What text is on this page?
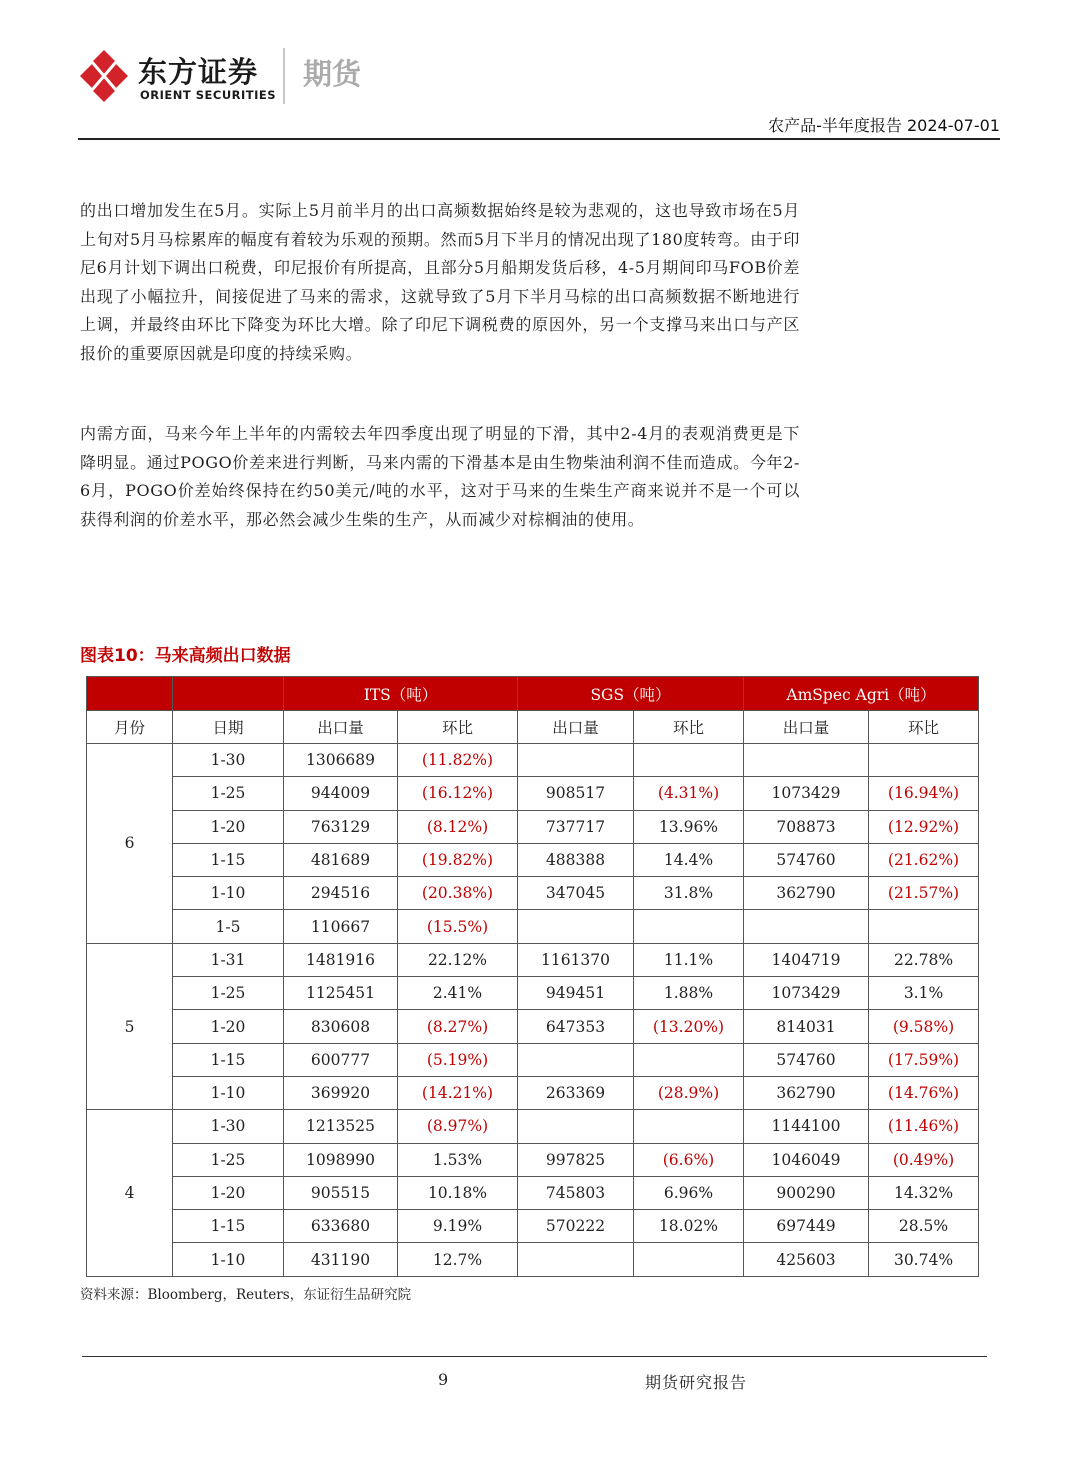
东方证券
ORIENT SECURITIES
期货
农产品-半年度报告 2024-07-01
的出口增加发生在5月。实际上5月前半月的出口高频数据始终是较为悲观的，这也导致市场在5月上旬对5月马棕累库的幅度有着较为乐观的预期。然而5月下半月的情况出现了180度转弯。由于印尼6月计划下调出口税费，印尼报价有所提高，且部分5月船期发货后移，4-5月期间印马FOB价差出现了小幅拉升，间接促进了马来的需求，这就导致了5月下半月马棕的出口高频数据不断地进行上调，并最终由环比下降变为环比大增。除了印尼下调税费的原因外，另一个支撑马来出口与产区报价的重要原因就是印度的持续采购。
内需方面，马来今年上半年的内需较去年四季度出现了明显的下滑，其中2-4月的表观消费更是下降明显。通过POGO价差来进行判断，马来内需的下滑基本是由生物柴油利润不佳而造成。今年2-6月，POGO价差始终保持在约50美元/吨的水平，这对于马来的生柴生产商来说并不是一个可以获得利润的价差水平，那必然会减少生柴的生产，从而减少对棕榈油的使用。
图表10：马来高频出口数据
		ITS（吨）		SGS（吨）		AmSpec Agri（吨）	
月份	日期	出口量	环比	出口量	环比	出口量	环比
6	1-30	1306689	(11.82%)				
	1-25	944009	(16.12%)	908517	(4.31%)	1073429	(16.94%)
	1-20	763129	(8.12%)	737717	13.96%	708873	(12.92%)
	1-15	481689	(19.82%)	488388	14.4%	574760	(21.62%)
	1-10	294516	(20.38%)	347045	31.8%	362790	(21.57%)
	1-5	110667	(15.5%)				
5	1-31	1481916	22.12%	1161370	11.1%	1404719	22.78%
	1-25	1125451	2.41%	949451	1.88%	1073429	3.1%
	1-20	830608	(8.27%)	647353	(13.20%)	814031	(9.58%)
	1-15	600777	(5.19%)			574760	(17.59%)
	1-10	369920	(14.21%)	263369	(28.9%)	362790	(14.76%)
4	1-30	1213525	(8.97%)			1144100	(11.46%)
	1-25	1098990	1.53%	997825	(6.6%)	1046049	(0.49%)
	1-20	905515	10.18%	745803	6.96%	900290	14.32%
	1-15	633680	9.19%	570222	18.02%	697449	28.5%
	1-10	431190	12.7%			425603	30.74%
资料来源：Bloomberg，Reuters，东证衍生品研究院
9	期货研究报告
